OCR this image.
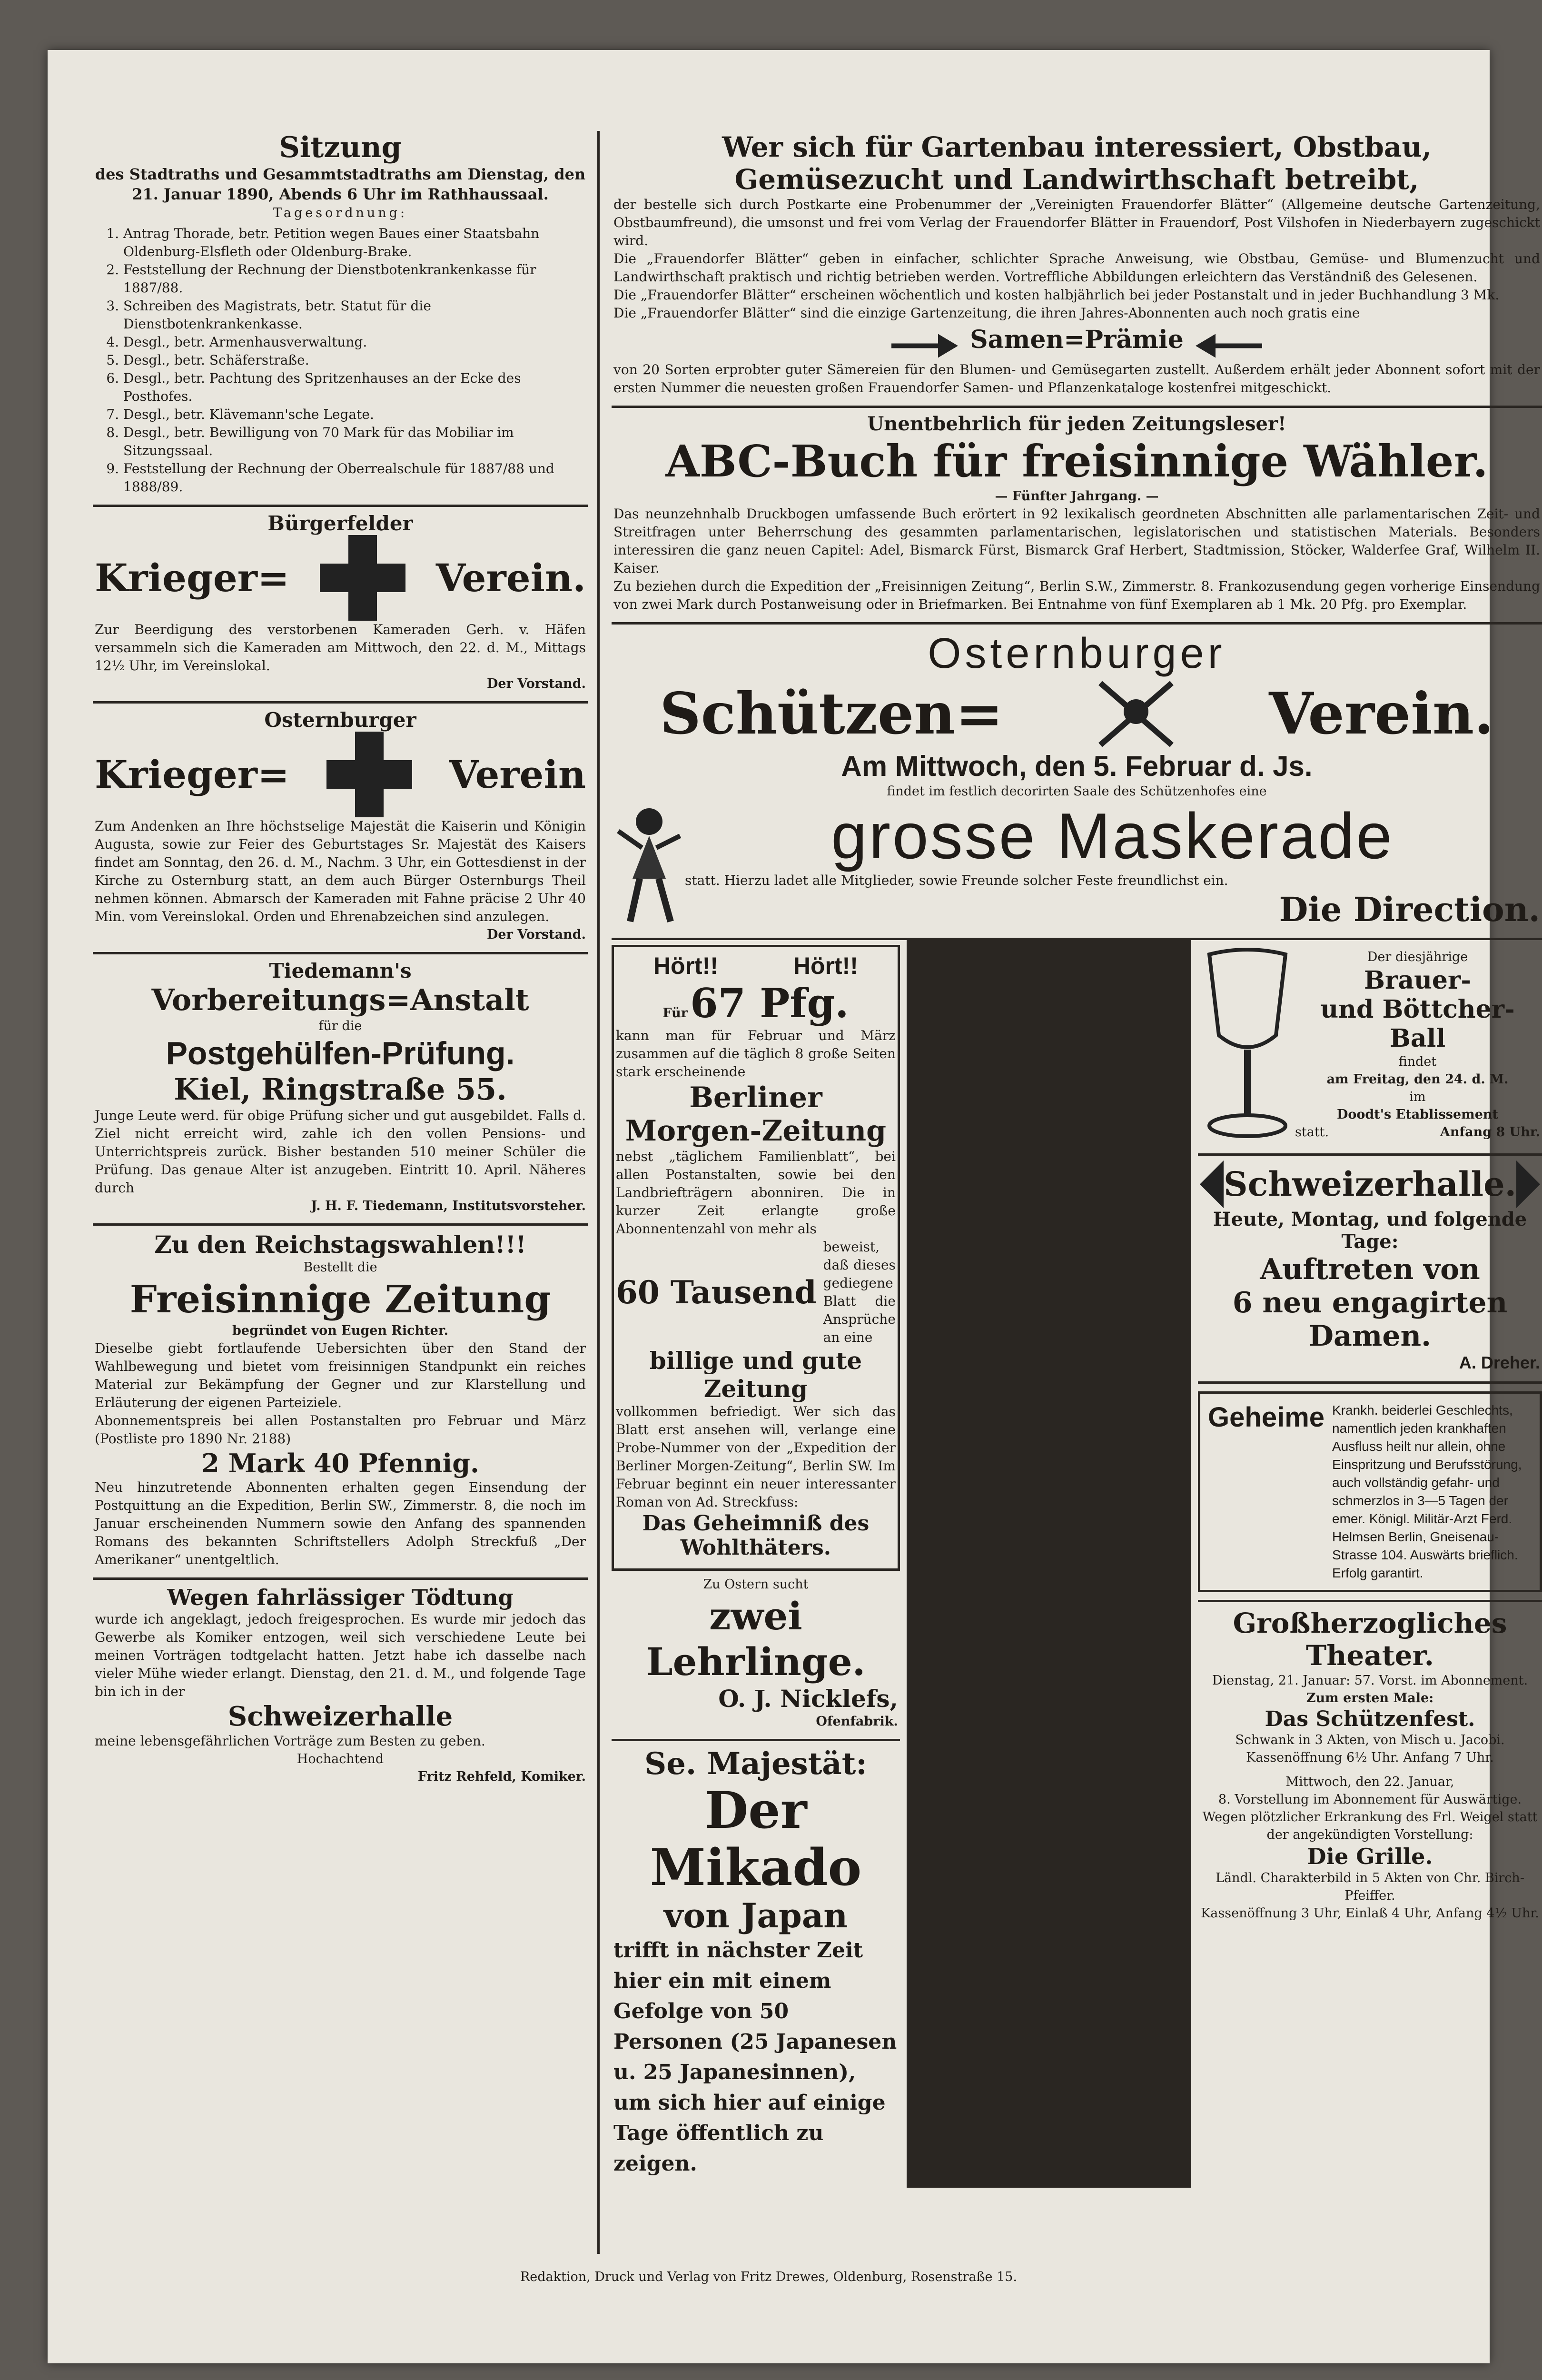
Sitzung
des Stadtraths und Gesammtstadtraths am Dienstag, den 21. Januar 1890, Abends 6 Uhr im Rathhaussaal.
Tagesordnung:
1. Antrag Thorade, betr. Petition wegen Baues einer Staatsbahn Oldenburg-Elsfleth oder Oldenburg-Brake.
2. Feststellung der Rechnung der Dienstbotenkrankenkasse für 1887/88.
3. Schreiben des Magistrats, betr. Statut für die Dienstbotenkrankenkasse.
4. Desgl., betr. Armenhausverwaltung.
5. Desgl., betr. Schäferstraße.
6. Desgl., betr. Pachtung des Spritzenhauses an der Ecke des Posthofes.
7. Desgl., betr. Klävemann'sche Legate.
8. Desgl., betr. Bewilligung von 70 Mark für das Mobiliar im Sitzungssaal.
9. Feststellung der Rechnung der Oberrealschule für 1887/88 und 1888/89.
Bürgerfelder
Krieger=	Verein.
Zur Beerdigung des verstorbenen Kameraden Gerh. v. Häfen versammeln sich die Kameraden am Mittwoch, den 22. d. M., Mittags 12½ Uhr, im Vereinslokal.
Der Vorstand.
Osternburger
Krieger=	Verein
Zum Andenken an Ihre höchstselige Majestät die Kaiserin und Königin Augusta, sowie zur Feier des Geburtstages Sr. Majestät des Kaisers findet am Sonntag, den 26. d. M., Nachm. 3 Uhr, ein Gottesdienst in der Kirche zu Osternburg statt, an dem auch Bürger Osternburgs Theil nehmen können. Abmarsch der Kameraden mit Fahne präcise 2 Uhr 40 Min. vom Vereinslokal. Orden und Ehrenabzeichen sind anzulegen.
Der Vorstand.
Tiedemann's
Vorbereitungs=Anstalt
für die
Postgehülfen-Prüfung.
Kiel, Ringstraße 55.
Junge Leute werd. für obige Prüfung sicher und gut ausgebildet. Falls d. Ziel nicht erreicht wird, zahle ich den vollen Pensions- und Unterrichtspreis zurück. Bisher bestanden 510 meiner Schüler die Prüfung. Das genaue Alter ist anzugeben. Eintritt 10. April. Näheres durch
J. H. F. Tiedemann, Institutsvorsteher.
Zu den Reichstagswahlen!!!
Bestellt die
Freisinnige Zeitung
begründet von Eugen Richter.
Dieselbe giebt fortlaufende Uebersichten über den Stand der Wahlbewegung und bietet vom freisinnigen Standpunkt ein reiches Material zur Bekämpfung der Gegner und zur Klarstellung und Erläuterung der eigenen Parteiziele.
Abonnementspreis bei allen Postanstalten pro Februar und März (Postliste pro 1890 Nr. 2188)
2 Mark 40 Pfennig.
Neu hinzutretende Abonnenten erhalten gegen Einsendung der Postquittung an die Expedition, Berlin SW., Zimmerstr. 8, die noch im Januar erscheinenden Nummern sowie den Anfang des spannenden Romans des bekannten Schriftstellers Adolph Streckfuß „Der Amerikaner“ unentgeltlich.
Wegen fahrlässiger Tödtung
wurde ich angeklagt, jedoch freigesprochen. Es wurde mir jedoch das Gewerbe als Komiker entzogen, weil sich verschiedene Leute bei meinen Vorträgen todtgelacht hatten. Jetzt habe ich dasselbe nach vieler Mühe wieder erlangt. Dienstag, den 21. d. M., und folgende Tage bin ich in der
Schweizerhalle
meine lebensgefährlichen Vorträge zum Besten zu geben.
Hochachtend
Fritz Rehfeld, Komiker.
Wer sich für Gartenbau interessiert, Obstbau,
Gemüsezucht und Landwirthschaft betreibt,
der bestelle sich durch Postkarte eine Probenummer der „Vereinigten Frauendorfer Blätter“ (Allgemeine deutsche Gartenzeitung, Obstbaumfreund), die umsonst und frei vom Verlag der Frauendorfer Blätter in Frauendorf, Post Vilshofen in Niederbayern zugeschickt wird.
Die „Frauendorfer Blätter“ geben in einfacher, schlichter Sprache Anweisung, wie Obstbau, Gemüse- und Blumenzucht und Landwirthschaft praktisch und richtig betrieben werden. Vortreffliche Abbildungen erleichtern das Verständniß des Gelesenen.
Die „Frauendorfer Blätter“ erscheinen wöchentlich und kosten halbjährlich bei jeder Postanstalt und in jeder Buchhandlung 3 Mk.
Die „Frauendorfer Blätter“ sind die einzige Gartenzeitung, die ihren Jahres-Abonnenten auch noch gratis eine
Samen=Prämie
von 20 Sorten erprobter guter Sämereien für den Blumen- und Gemüsegarten zustellt. Außerdem erhält jeder Abonnent sofort mit der ersten Nummer die neuesten großen Frauendorfer Samen- und Pflanzenkataloge kostenfrei mitgeschickt.
Unentbehrlich für jeden Zeitungsleser!
ABC-Buch für freisinnige Wähler.
— Fünfter Jahrgang. —
Das neunzehnhalb Druckbogen umfassende Buch erörtert in 92 lexikalisch geordneten Abschnitten alle parlamentarischen Zeit- und Streitfragen unter Beherrschung des gesammten parlamentarischen, legislatorischen und statistischen Materials. Besonders interessiren die ganz neuen Capitel: Adel, Bismarck Fürst, Bismarck Graf Herbert, Stadtmission, Stöcker, Walderfee Graf, Wilhelm II. Kaiser.
Zu beziehen durch die Expedition der „Freisinnigen Zeitung“, Berlin S.W., Zimmerstr. 8. Frankozusendung gegen vorherige Einsendung von zwei Mark durch Postanweisung oder in Briefmarken. Bei Entnahme von fünf Exemplaren ab 1 Mk. 20 Pfg. pro Exemplar.
Osternburger
Schützen=	Verein.
Am Mittwoch, den 5. Februar d. Js.
findet im festlich decorirten Saale des Schützenhofes eine
grosse Maskerade
statt. Hierzu ladet alle Mitglieder, sowie Freunde solcher Feste freundlichst ein.
Die Direction.
Hört!!	Hört!!
Für 67 Pfg.
kann man für Februar und März zusammen auf die täglich 8 große Seiten stark erscheinende
Berliner
Morgen-Zeitung
nebst „täglichem Familienblatt“, bei allen Postanstalten, sowie bei den Landbriefträgern abonniren. Die in kurzer Zeit erlangte große Abonnentenzahl von mehr als
60 Tausend
beweist, daß dieses gediegene Blatt die Ansprüche an eine
billige und gute Zeitung
vollkommen befriedigt. Wer sich das Blatt erst ansehen will, verlange eine Probe-Nummer von der „Expedition der Berliner Morgen-Zeitung“, Berlin SW. Im Februar beginnt ein neuer interessanter Roman von Ad. Streckfuss:
Das Geheimniß des Wohlthäters.
Zu Ostern sucht
zwei Lehrlinge.
O. J. Nicklefs,
Ofenfabrik.
Se. Majestät:
Der Mikado
von Japan
trifft in nächster Zeit hier ein mit einem Gefolge von 50 Personen (25 Japanesen u. 25 Japanesinnen), um sich hier auf einige Tage öffentlich zu zeigen.
Der diesjährige
Brauer-
und Böttcher-Ball
findet
am Freitag, den 24. d. M.
im
Doodt's Etablissement
statt.	Anfang 8 Uhr.
Schweizerhalle.
Heute, Montag, und folgende Tage:
Auftreten von
6 neu engagirten Damen.
A. Dreher.
Geheime Krankh. beiderlei Geschlechts, namentlich jeden krankhaften Ausfluss heilt nur allein, ohne Einspritzung und Berufsstörung, auch vollständig gefahr- und schmerzlos in 3—5 Tagen der emer. Königl. Militär-Arzt Ferd. Helmsen Berlin, Gneisenau-Strasse 104. Auswärts brieflich. Erfolg garantirt.
Großherzogliches Theater.
Dienstag, 21. Januar: 57. Vorst. im Abonnement.
Zum ersten Male:
Das Schützenfest.
Schwank in 3 Akten, von Misch u. Jacobi.
Kassenöffnung 6½ Uhr. Anfang 7 Uhr.
Mittwoch, den 22. Januar,
8. Vorstellung im Abonnement für Auswärtige.
Wegen plötzlicher Erkrankung des Frl. Weigel statt der angekündigten Vorstellung:
Die Grille.
Ländl. Charakterbild in 5 Akten von Chr. Birch-Pfeiffer.
Kassenöffnung 3 Uhr, Einlaß 4 Uhr, Anfang 4½ Uhr.
Redaktion, Druck und Verlag von Fritz Drewes, Oldenburg, Rosenstraße 15.
